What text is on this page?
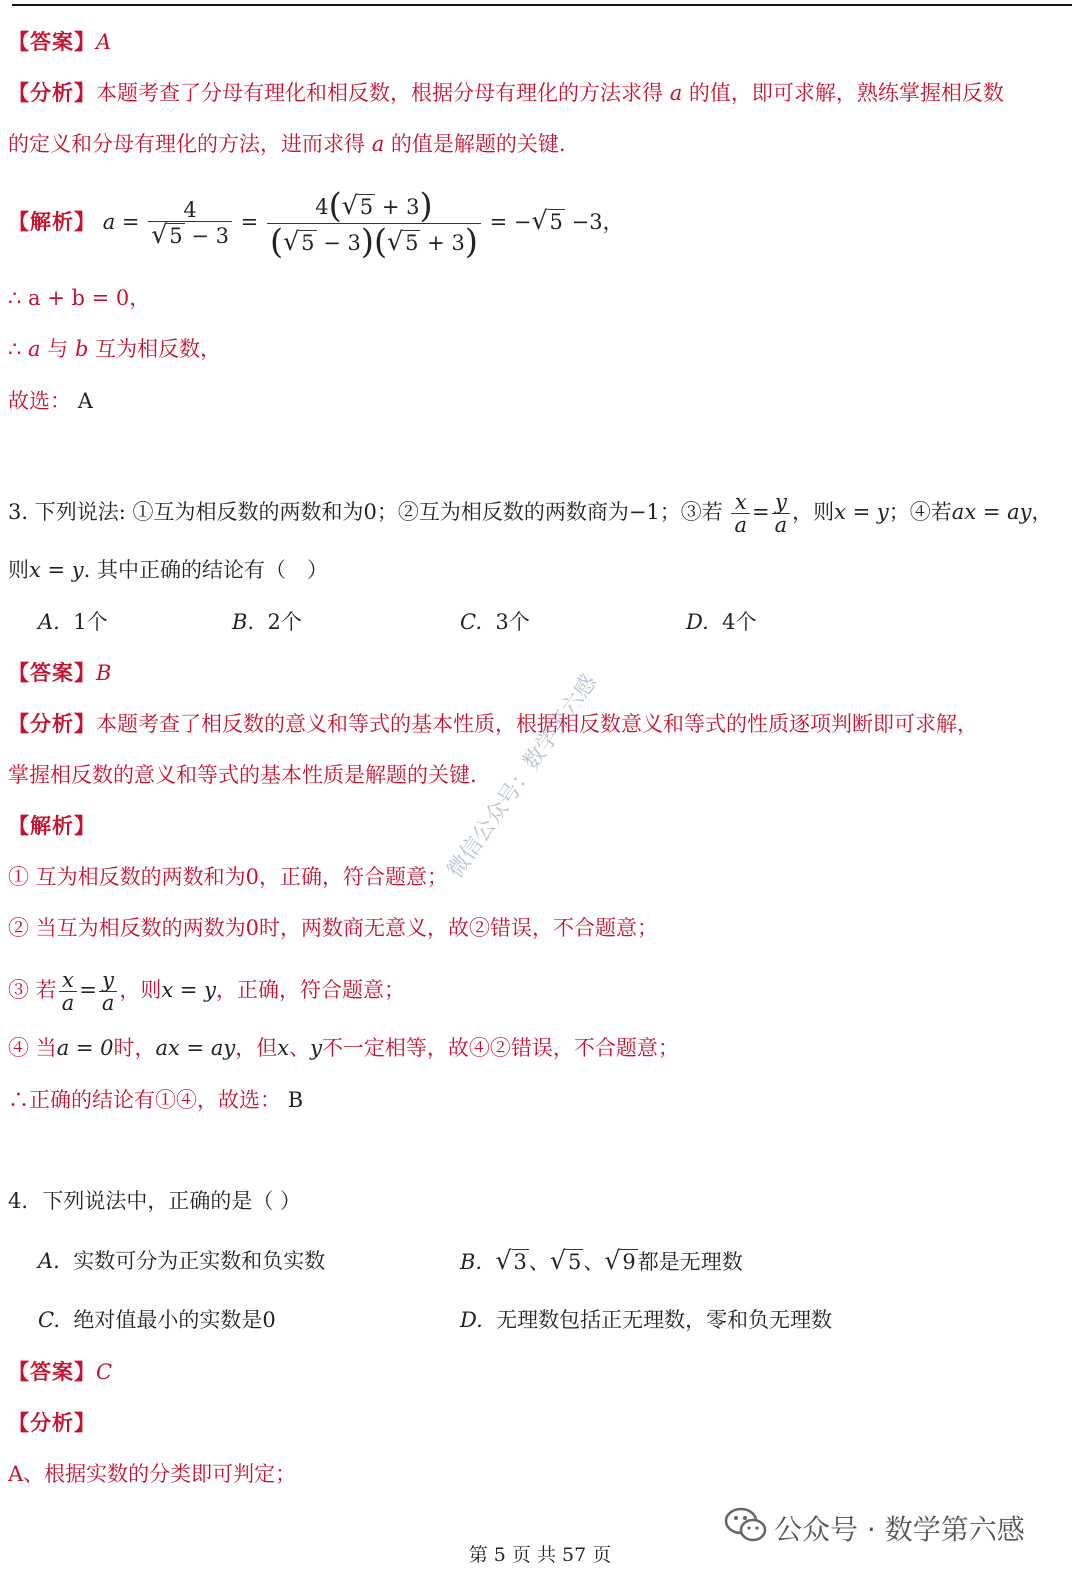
【答案】A
【分析】本题考查了分母有理化和相反数，根据分母有理化的方法求得 a 的值，即可求解，熟练掌握相反数
的定义和分母有理化的方法，进而求得 a 的值是解题的关键.
【解析】 $a = \frac{4}{√5 - 3} = \frac{4(√5 + 3)}{(√5 - 3)(√5 + 3)} = -√5 -3$，
∴ a + b = 0，
∴ a 与 b 互为相反数，
故选： A
3. 下列说法: ①互为相反数的两数和为0；②互为相反数的两数商为−1；③若 $\frac{x}{a} = \frac{y}{a}$ ，则x = y；④若ax = ay，
则x = y. 其中正确的结论有（　）
A. 1个	B. 2个	C. 3个	D. 4个
【答案】B
【分析】本题考查了相反数的意义和等式的基本性质，根据相反数意义和等式的性质逐项判断即可求解，
掌握相反数的意义和等式的基本性质是解题的关键.
【解析】
① 互为相反数的两数和为0，正确，符合题意；
② 当互为相反数的两数为0时，两数商无意义，故②错误，不合题意；
③ 若 $\frac{x}{a} = \frac{y}{a}$ ，则x = y，正确，符合题意；
④ 当a = 0时，ax = ay，但x、y不一定相等，故④②错误，不合题意；
∴正确的结论有①④，故选： B
4．下列说法中，正确的是（ ）
A. 实数可分为正实数和负实数	B. √3、√5、√9都是无理数
C. 绝对值最小的实数是0	D. 无理数包括正无理数，零和负无理数
【答案】C
【分析】
A、根据实数的分类即可判定；
微信公众号：数学第六感
公众号 · 数学第六感
第 5 页 共 57 页
